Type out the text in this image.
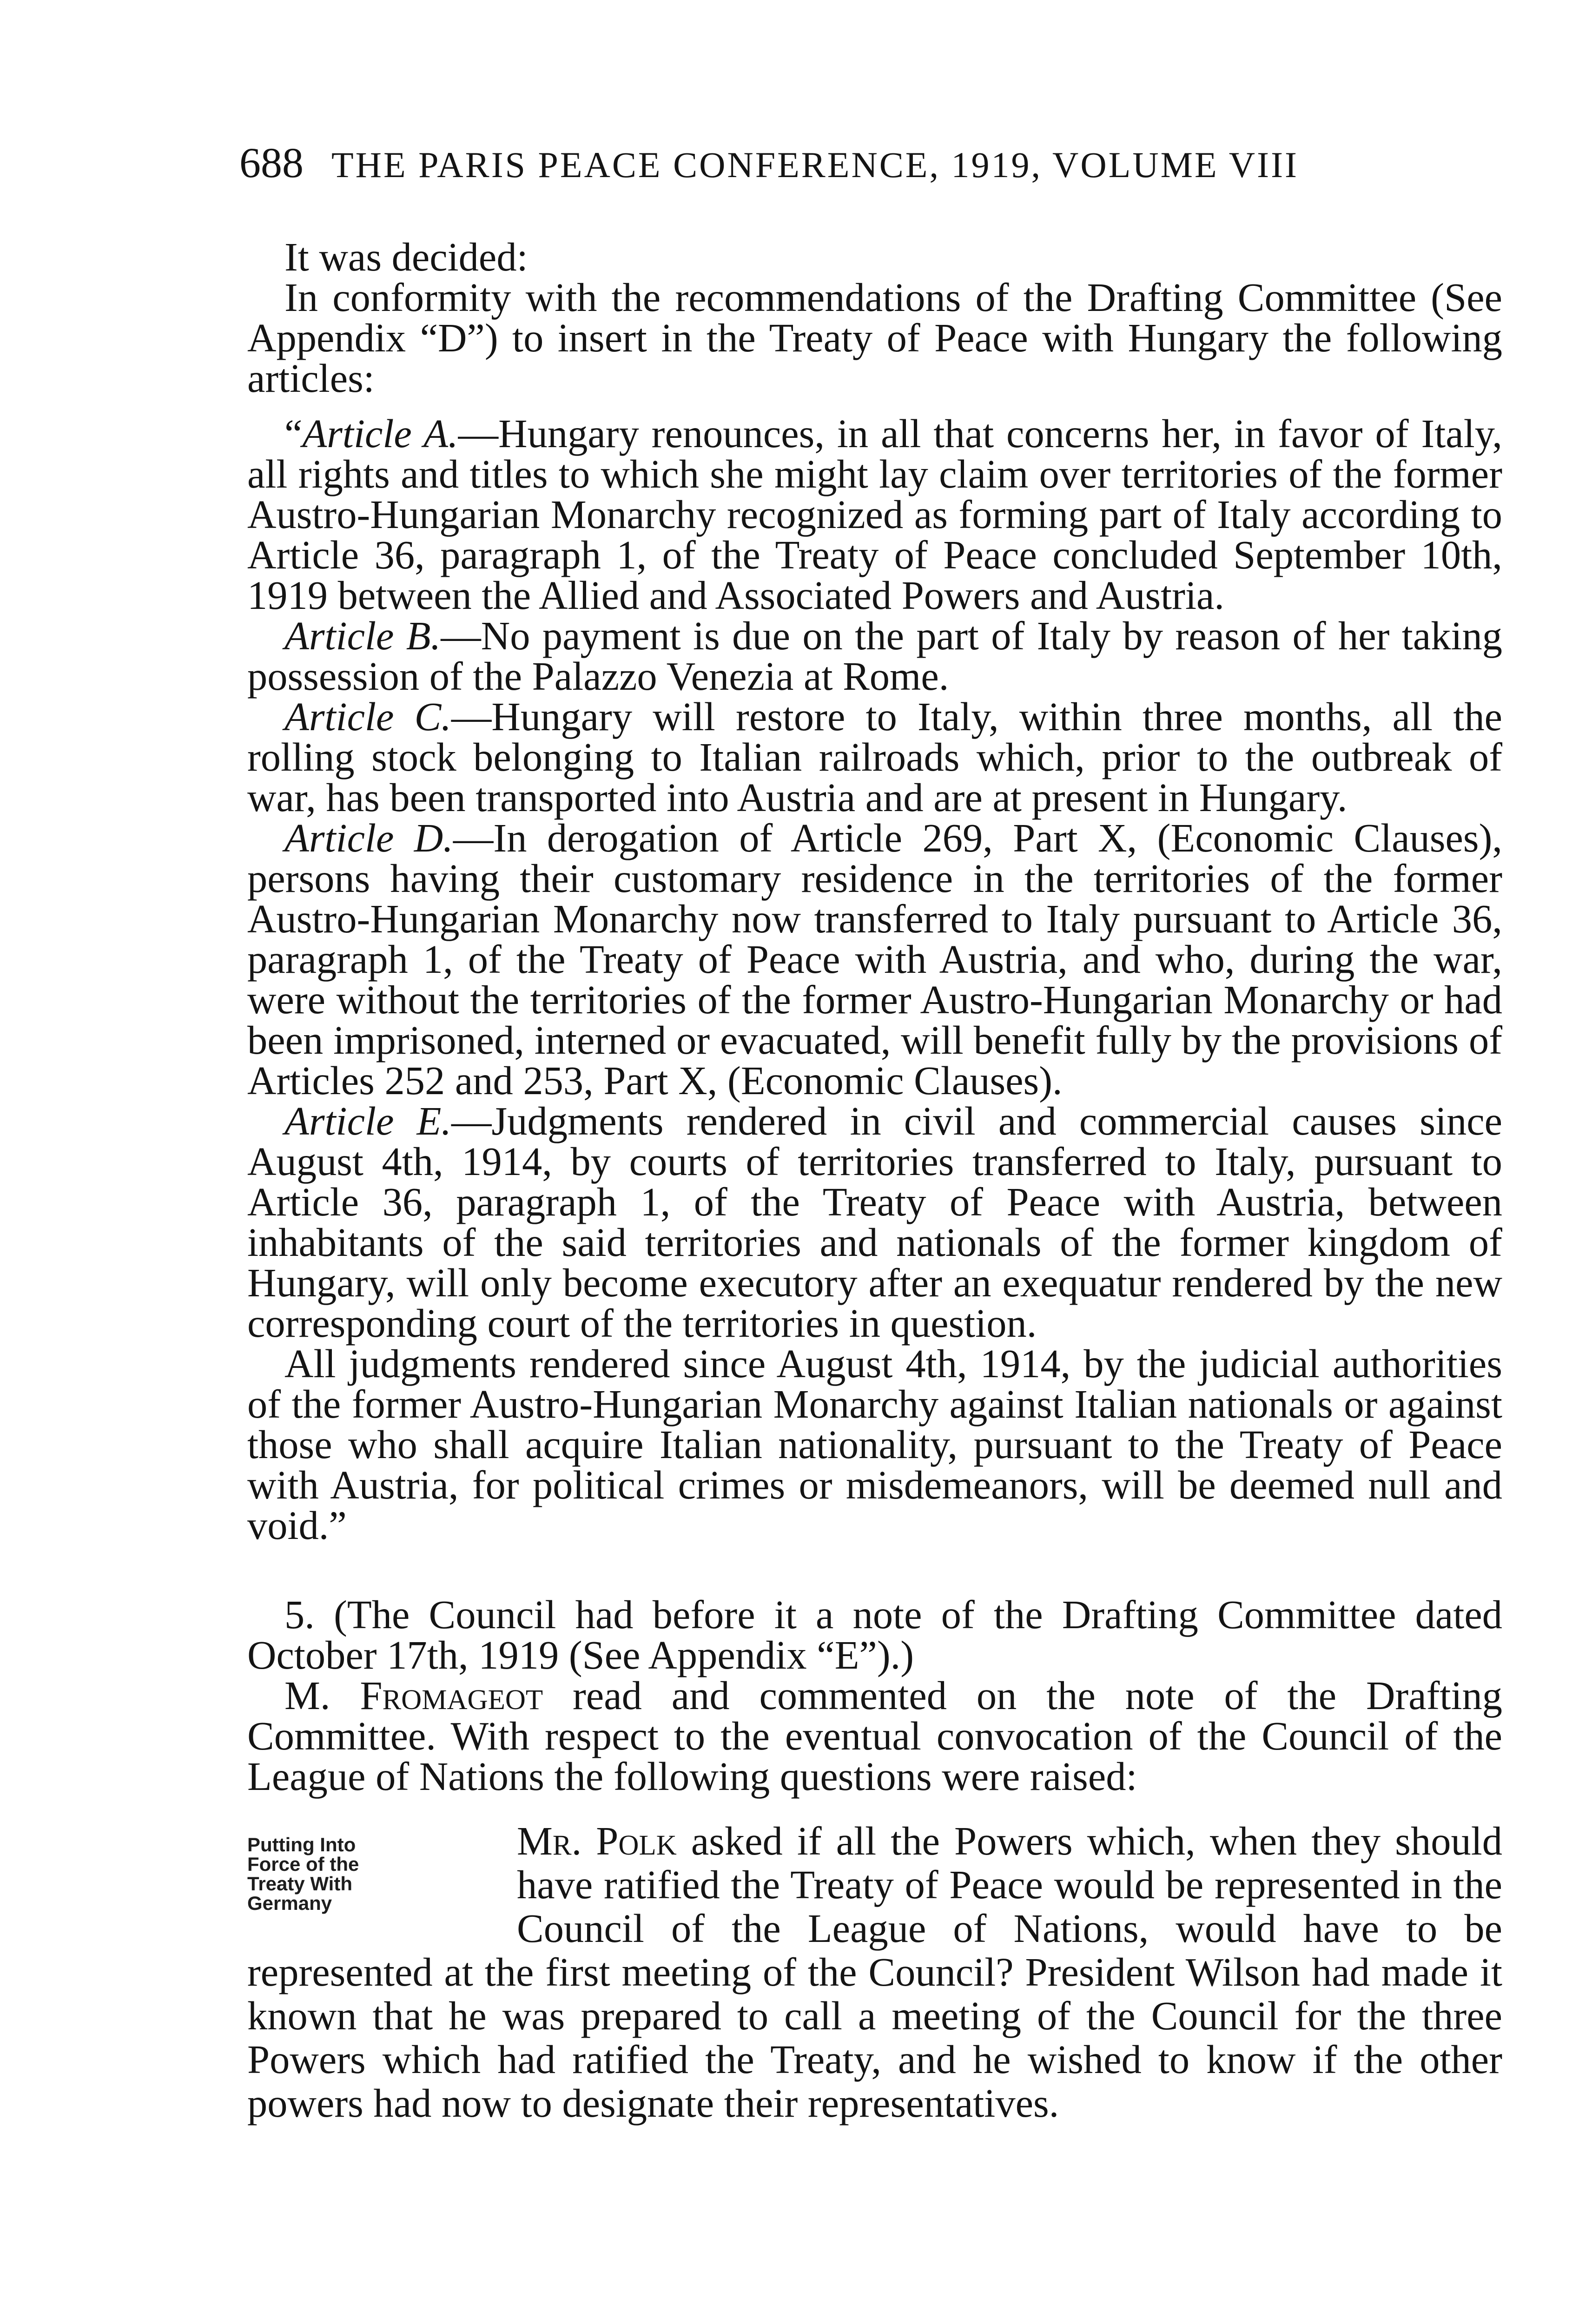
688 THE PARIS PEACE CONFERENCE, 1919, VOLUME VIII

It was decided:

In conformity with the recommendations of the Drafting Committee (See Appendix “D”) to insert in the Treaty of Peace with Hungary the following articles:

“Article A.—Hungary renounces, in all that concerns her, in favor of Italy, all rights and titles to which she might lay claim over territories of the former Austro-Hungarian Monarchy recognized as forming part of Italy according to Article 36, paragraph 1, of the Treaty of Peace concluded September 10th, 1919 between the Allied and Associated Powers and Austria.

Article B.—No payment is due on the part of Italy by reason of her taking possession of the Palazzo Venezia at Rome.

Article C.—Hungary will restore to Italy, within three months, all the rolling stock belonging to Italian railroads which, prior to the outbreak of war, has been transported into Austria and are at present in Hungary.

Article D.—In derogation of Article 269, Part X, (Economic Clauses), persons having their customary residence in the territories of the former Austro-Hungarian Monarchy now transferred to Italy pursuant to Article 36, paragraph 1, of the Treaty of Peace with Austria, and who, during the war, were without the territories of the former Austro-Hungarian Monarchy or had been imprisoned, interned or evacuated, will benefit fully by the provisions of Articles 252 and 253, Part X, (Economic Clauses).

Article E.—Judgments rendered in civil and commercial causes since August 4th, 1914, by courts of territories transferred to Italy, pursuant to Article 36, paragraph 1, of the Treaty of Peace with Austria, between inhabitants of the said territories and nationals of the former kingdom of Hungary, will only become executory after an exequatur rendered by the new corresponding court of the territories in question.

All judgments rendered since August 4th, 1914, by the judicial authorities of the former Austro-Hungarian Monarchy against Italian nationals or against those who shall acquire Italian nationality, pursuant to the Treaty of Peace with Austria, for political crimes or misdemeanors, will be deemed null and void.”

5. (The Council had before it a note of the Drafting Committee dated October 17th, 1919 (See Appendix “E”).)

M. Fromageot read and commented on the note of the Drafting Committee. With respect to the eventual convocation of the Council of the League of Nations the following questions were raised:

Putting Into
Force of the
Treaty With
Germany
Mr. Polk asked if all the Powers which, when they should have ratified the Treaty of Peace would be represented in the Council of the League of Nations, would have to be represented at the first meeting of the Council? President Wilson had made it known that he was prepared to call a meeting of the Council for the three Powers which had ratified the Treaty, and he wished to know if the other powers had now to designate their representatives.
